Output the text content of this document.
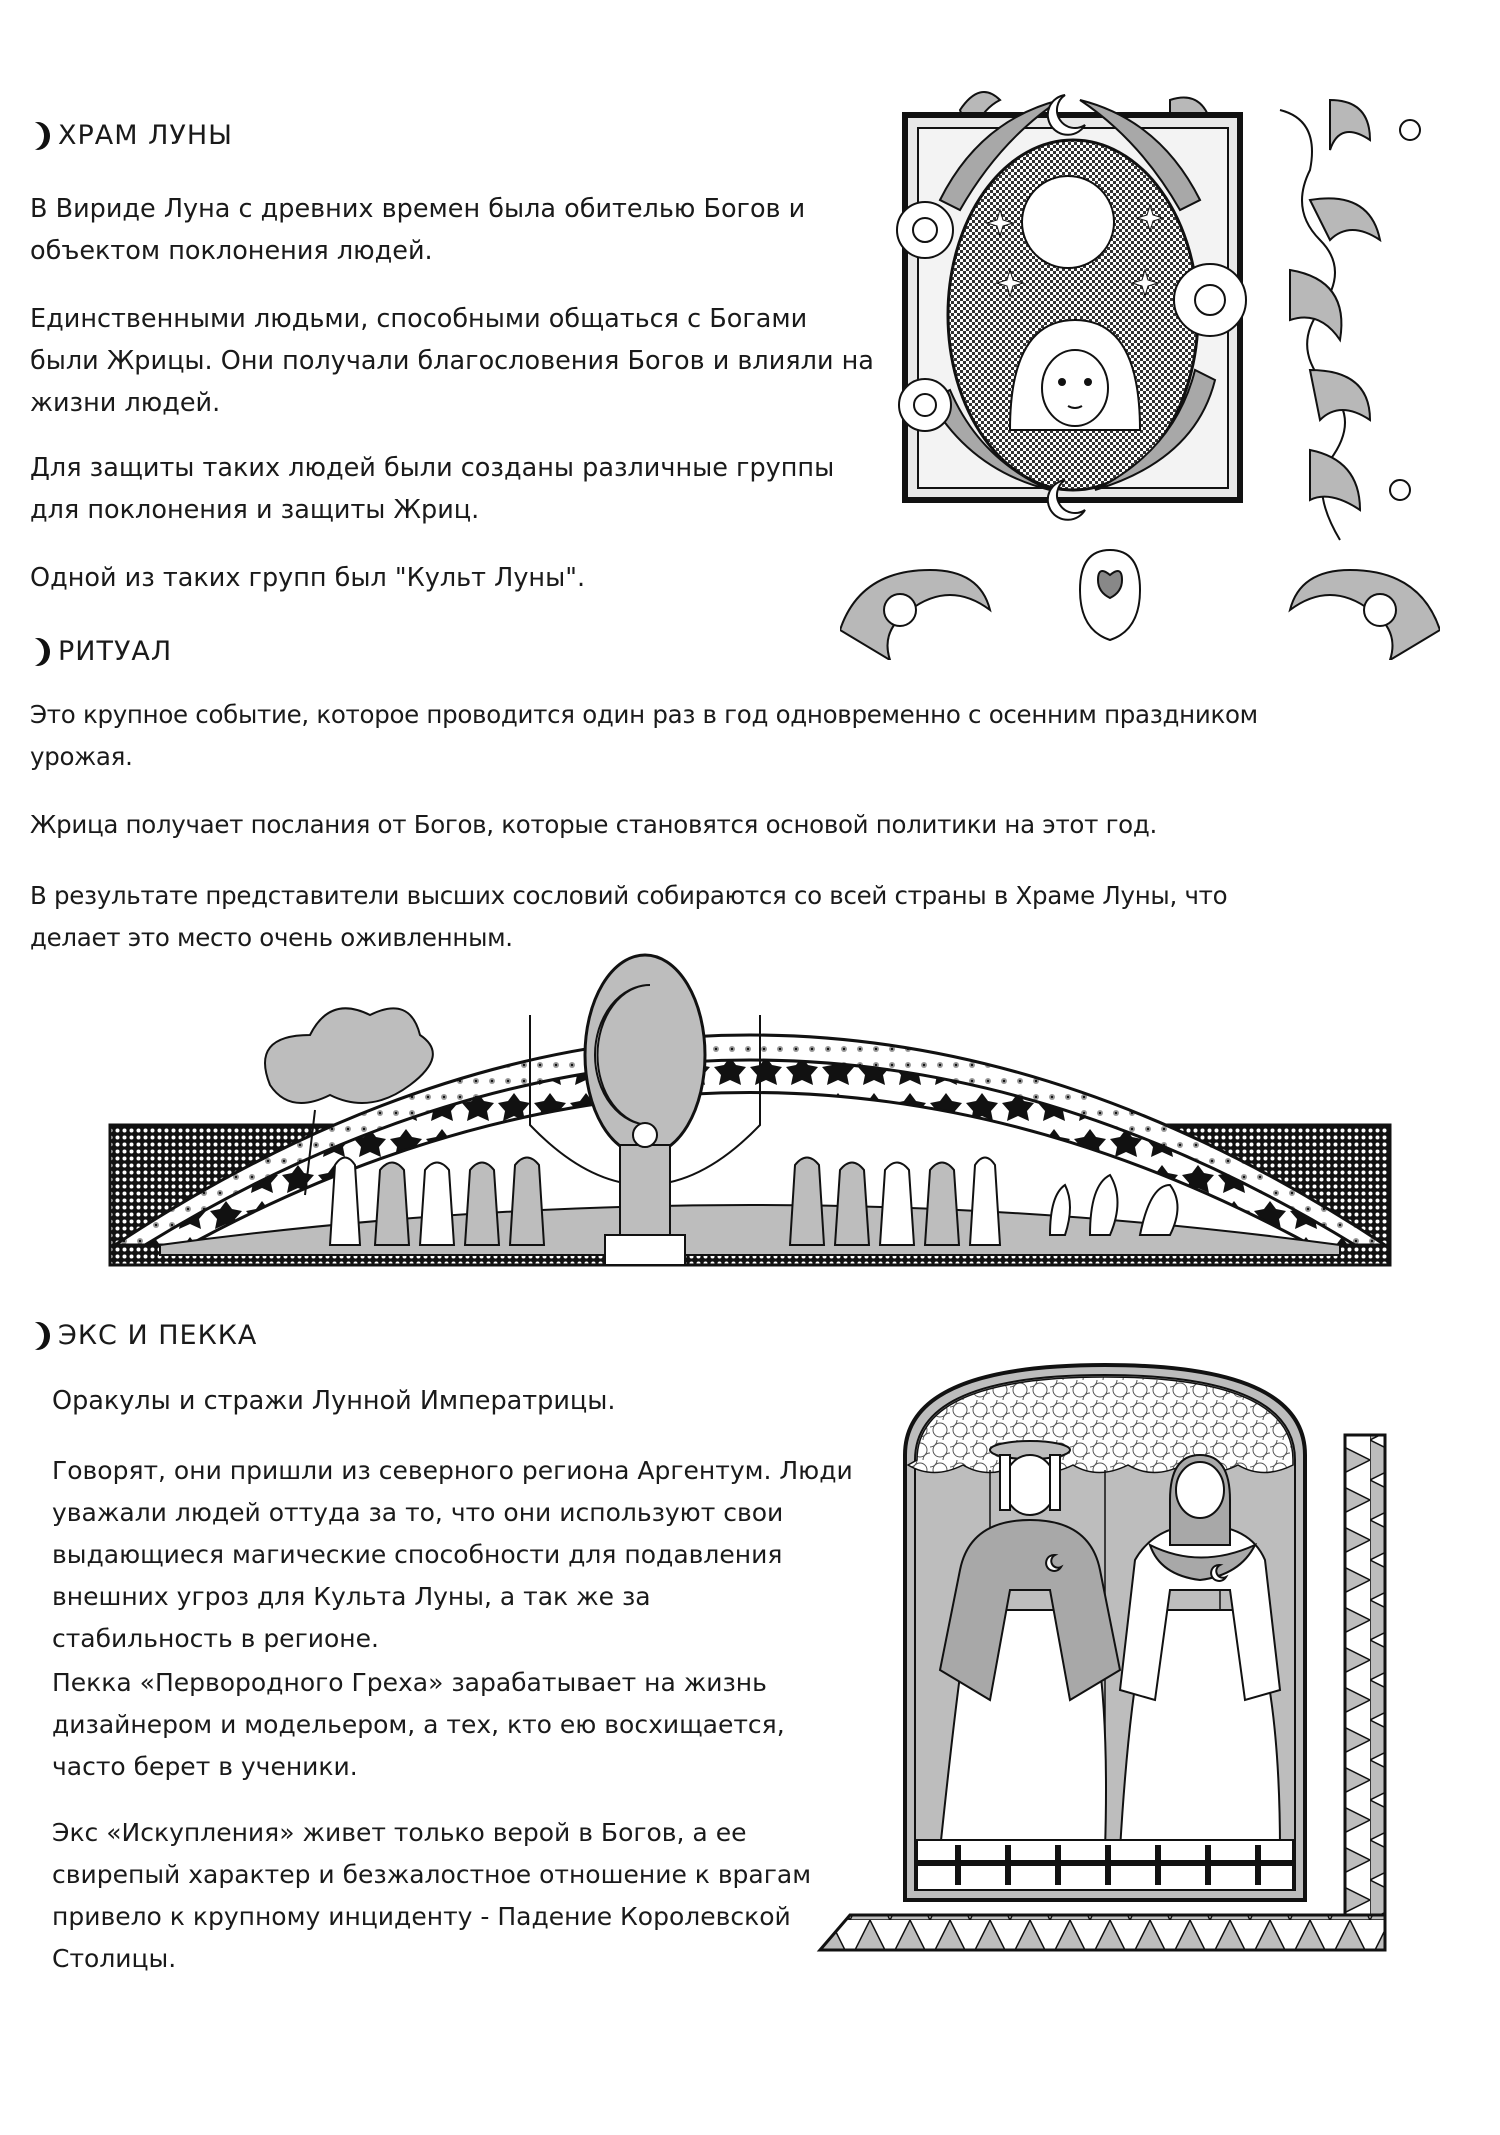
ХРАМ ЛУНЫ

В Вириде Луна с древних времен была обителью Богов и
объектом поклонения людей.

Единственными людьми, способными общаться с Богами
были Жрицы. Они получали благословения Богов и влияли на
жизни людей.

Для защиты таких людей были созданы различные группы
для поклонения и защиты Жриц.

Одной из таких групп был "Культ Луны".

РИТУАЛ

Это крупное событие, которое проводится один раз в год одновременно с осенним праздником
урожая.

Жрица получает послания от Богов, которые становятся основой политики на этот год.

В результате представители высших сословий собираются со всей страны в Храме Луны, что
делает это место очень оживленным.

ЭКС И ПЕККА

Оракулы и стражи Лунной Императрицы.

Говорят, они пришли из северного региона Аргентум. Люди
уважали людей оттуда за то, что они используют свои
выдающиеся магические способности для подавления
внешних угроз для Культа Луны, а так же за
стабильность в регионе.

Пекка «Первородного Греха» зарабатывает на жизнь
дизайнером и модельером, а тех, кто ею восхищается,
часто берет в ученики.

Экс «Искупления» живет только верой в Богов, а ее
свирепый характер и безжалостное отношение к врагам
привело к крупному инциденту - Падение Королевской
Столицы.
